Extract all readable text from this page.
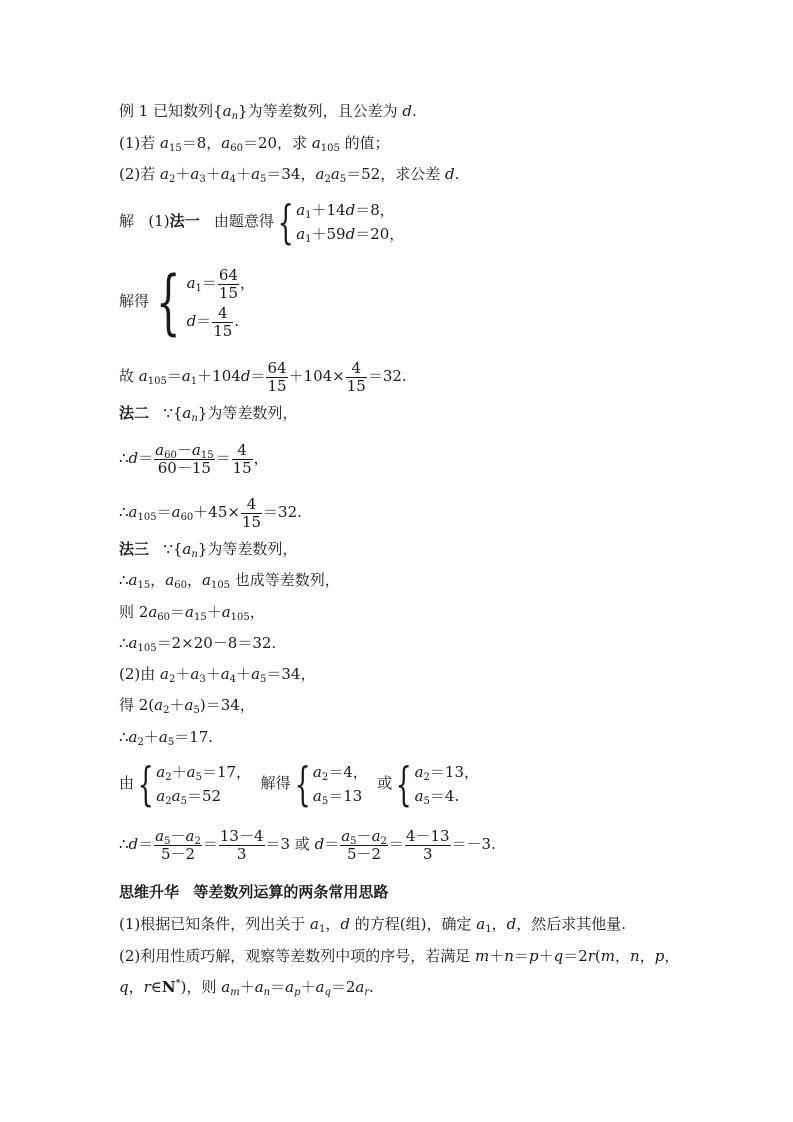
例 1 已知数列$\{a_n\}$为等差数列，且公差为 d.
(1)若 $a_{15}=8$，$a_{60}=20$，求 $a_{105}$ 的值；
(2)若 $a_2+a_3+a_4+a_5=34$，$a_2a_5=52$，求公差 d.
解   (1)法一   由题意得{ $a_1+14d=8$，
$a_1+59d=20$，
解得 { $a_1= \frac{64}{15}$ ，
$d= \frac{4}{15}$ .
故 $a_{105}=a_1+104d= \frac{64}{15} +104\times \frac{4}{15} =32$.
法二   $\because\{a_n\}$为等差数列，
∴d＝ $\frac{a_{60}-a_{15}}{60-15} = \frac{4}{15}$ ，
$\therefore a_{105}=a_{60}+45\times \frac{4}{15} =32$.
法三   $\because\{a_n\}$为等差数列，
$\therefore a_{15}$，$a_{60}$，$a_{105}$ 也成等差数列，
则 $2a_{60}=a_{15}+a_{105}$，
$\therefore a_{105}=2\times 20-8=32$.
(2)由 $a_2+a_3+a_4+a_5=34$，
得 $2(a_2+a_5)=34$，
$\therefore a_2+a_5=17$.
由{ $a_2+a_5=17$，
$a_2a_5=52$
解得{ $a_2=4$，
$a_5=13$
或{ $a_2=13$，
$a_5=4$.
∴d＝ $\frac{a_5-a_2}{5-2} = \frac{13-4}{3} =3$ 或 $d= \frac{a_5-a_2}{5-2} = \frac{4-13}{3} =-3$.
思维升华 等差数列运算的两条常用思路
(1)根据已知条件，列出关于 $a_1$，d 的方程(组)，确定 $a_1$，d，然后求其他量.
(2)利用性质巧解，观察等差数列中项的序号，若满足 m＋n＝p＋q＝2r(m，n，p，
q，r∈N*)，则 $a_m+a_n=a_p+a_q=2a_r$.
